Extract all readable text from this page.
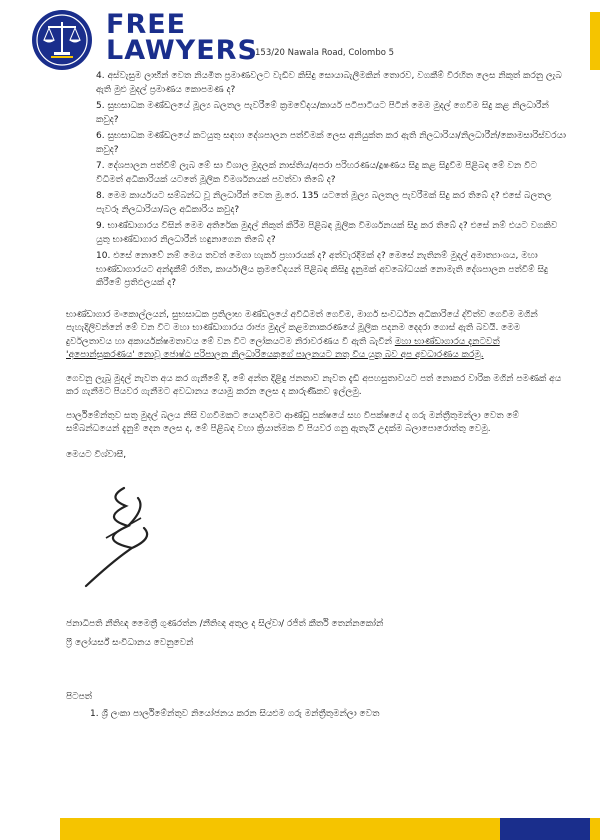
FREE
LAWYERS
153/20 Nawala Road, Colombo 5
4. අස්වැසුම ලාභීන් වෙත නියමිත ප්‍රමාණවලට වැඩිව කිසිදු සොයාබැලීමකින් තොරව, වගකීම් විරහිත ලෙස නිකුත් කරනු ලැබ ඇති මුළු මුදල් ප්‍රමාණය කොපමණ ද?
5. සුභසාධක මණ්ඩලයේ මූල්‍ය බලතල පැවරීමේ ක්‍රමවේදය/කාර්ය පටිපාටියට පිටින් මෙම මුදල් ගෙවීම සිදු කළ නිලධාරීන් කවුද?
6. සුභසාධක මණ්ඩලයේ කටයුතු සඳහා දේශපාලන පත්වීමක් ලෙස අනියුක්ත කර ඇති නිලධාරියා/නිලධාරීන්/කොමසාරිස්වරයා කවුද?
7. දේශපාලන පත්වීම් ලැබ මේ සා විශාල මුදලක් නාස්තිය/අපරා පරිහරණය/දූෂණය සිදු කළ සිදුවීම පිළිබඳ මේ වන විට විධිමත් අධිකාරියක් යටතේ මූලික විමර්ශනයක් පවත්වා තිබේ ද?
8. මෙම කාර්යයට සම්බන්ධ වූ නිලධාරීන් වෙත මු.රෙ. 135 යටතේ මූල්‍ය බලතල පැවරීමක් සිදු කර තිබේ ද? එසේ බලතල පැවරූ නිලධාරියා/බල අධිකාරිය කවුද?
9. භාණ්ඩාගාරය විසින් මෙම අතිරේක මුදල් නිකුත් කිරීම පිළිබඳ මූලික විමර්ශනයක් සිදු කර තිබේ ද? එසේ නම් එයට වගකිව යුතු භාණ්ඩාගාර නිලධාරීන් හඳුනාගෙන තිබේ ද?
10. එසේ නොවේ නම් මෙය තවත් මෙගා හැකර් ප්‍රහාරයක් ද? අත්වැරදීමක් ද? මෙසේ නැතිනම් මුදල් අමාත්‍යාංශය, මහා භාණ්ඩාගාරයට අන්දැකීම් රහිත, කාර්යාලීය ක්‍රමවේදයන් පිළිබඳ කිසිදු දැනුමක් අවබෝධයක් නොමැති දේශපාලන පත්වීම් සිදු කිරීමේ ප්‍රතිඵලයක් ද?

භාණ්ඩාගාර මංකොල්ලයන්, සුභසාධක ප්‍රතිලාභ මණ්ඩලයේ අවිධිමත් ගෙවීම, මාර්ග සංවර්ධන අධිකාරියේ ද්විත්ව ගෙවීම මගින් පැහැදිලිවන්නේ මේ වන විට මහා භාණ්ඩාගාරය රාජ්‍ය මුදල් කළමනාකරණයේ මූලික පදනම දෙදරා ගොස් ඇති බවයි. මෙම දුර්වලතාවය හා අකාර්යක්ෂමතාවය මේ වන විට ලෝකයටම නිරාවරණය වී ඇති බැවින් මහා භාණ්ඩාගාරය දැනටවත් 'අපොන්සුකරණය' නොවූ ජොෂ්ඨ පරිපාලන නිලධාරියෙකුගේ පාලනයට නතු විය යුතු බව අප අවධාරණය කරමු.

ගෙවනු ලැබූ මුදල් නැවත අය කර ගැනීමේ දී, මේ අන්ත දිළිඳු ජනතාව නැවත දැඩි අපහසුතාවයට පත් නොකර වාරික මගින් පමණක් අය කර ගැනීමට පියවර ගැනීමට අවධානය යොමු කරන ලෙස ද කාරුණිකව ඉල්ලමු.

පාර්ලිමේන්තුව සතු මුදල් බලය නිසි වගවීමකට යොදවීමට ආණ්ඩු පක්ෂයේ සහ විපක්ෂයේ ද ගරු මන්ත්‍රීතුමන්ලා වෙත මේ සම්බන්ධයෙන් දැනුම් දෙන ලෙස ද, මේ පිළිබඳ වහා ක්‍රියාත්මක වී පියවර ගනු ඇතැයි උදක්ම බලාපොරොත්තු වෙමු.

මෙයට විශ්වාසී,
ජනාධිපති නීතිඥ මෛත්‍රී ගුණරත්න /නීතිඥ අතුල ද සිල්වා/ රජිත් කීර්ති තෙන්නකෝන්
ෆ්‍රී ලෝයර්ස් සංවිධානය වෙනුවෙන්
පිටපත්
1. ශ්‍රී ලංකා පාර්ලිමේන්තුව නියෝජනය කරන සියළුම ගරු මන්ත්‍රීතුමන්ලා වෙත
